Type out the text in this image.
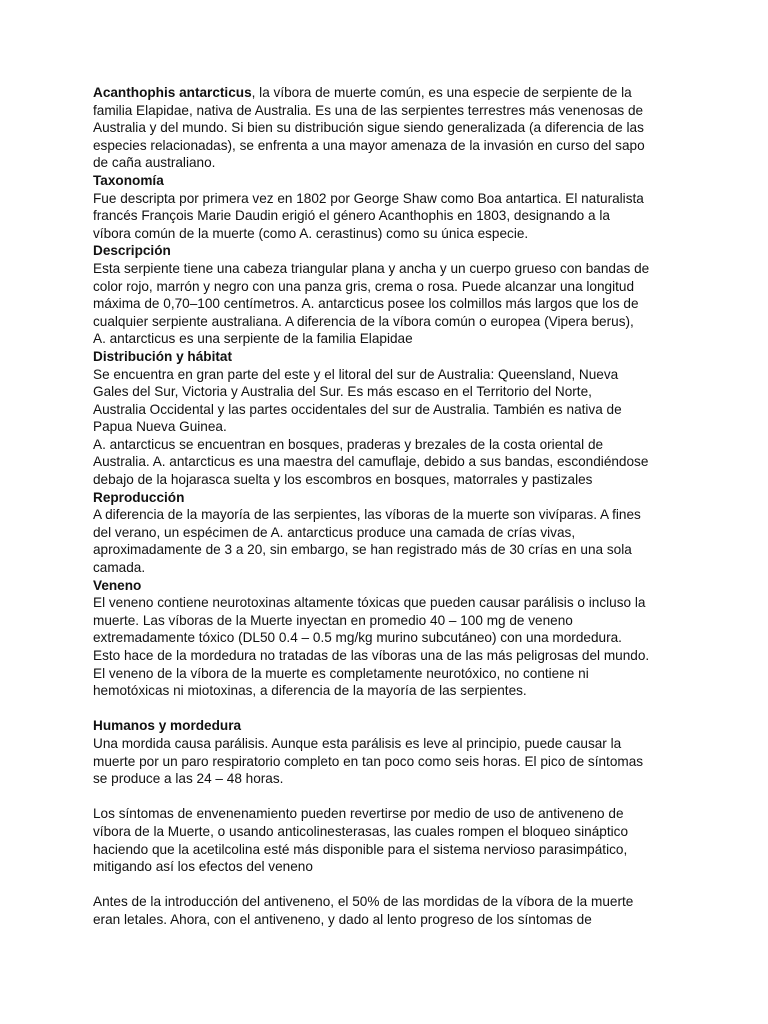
Acanthophis antarcticus, la víbora de muerte común, es una especie de serpiente de la
familia Elapidae, nativa de Australia. Es una de las serpientes terrestres más venenosas de
Australia y del mundo. Si bien su distribución sigue siendo generalizada (a diferencia de las
especies relacionadas), se enfrenta a una mayor amenaza de la invasión en curso del sapo
de caña australiano.
Taxonomía
Fue descripta por primera vez en 1802 por George Shaw como Boa antartica. El naturalista
francés François Marie Daudin erigió el género Acanthophis en 1803, designando a la
víbora común de la muerte (como A. cerastinus) como su única especie.
Descripción
Esta serpiente tiene una cabeza triangular plana y ancha y un cuerpo grueso con bandas de
color rojo, marrón y negro con una panza gris, crema o rosa. Puede alcanzar una longitud
máxima de 0,70–100 centímetros. A. antarcticus posee los colmillos más largos que los de
cualquier serpiente australiana. A diferencia de la víbora común o europea (Vipera berus),
A. antarcticus es una serpiente de la familia Elapidae
Distribución y hábitat
Se encuentra en gran parte del este y el litoral del sur de Australia: Queensland, Nueva
Gales del Sur, Victoria y Australia del Sur. Es más escaso en el Territorio del Norte,
Australia Occidental y las partes occidentales del sur de Australia. También es nativa de
Papua Nueva Guinea.
A. antarcticus se encuentran en bosques, praderas y brezales de la costa oriental de
Australia. A. antarcticus es una maestra del camuflaje, debido a sus bandas, escondiéndose
debajo de la hojarasca suelta y los escombros en bosques, matorrales y pastizales
Reproducción
A diferencia de la mayoría de las serpientes, las víboras de la muerte son vivíparas. A fines
del verano, un espécimen de A. antarcticus produce una camada de crías vivas,
aproximadamente de 3 a 20, sin embargo, se han registrado más de 30 crías en una sola
camada.
Veneno
El veneno contiene neurotoxinas altamente tóxicas que pueden causar parálisis o incluso la
muerte. Las víboras de la Muerte inyectan en promedio 40 – 100 mg de veneno
extremadamente tóxico (DL50 0.4 – 0.5 mg/kg murino subcutáneo) con una mordedura.
Esto hace de la mordedura no tratadas de las víboras una de las más peligrosas del mundo.
El veneno de la víbora de la muerte es completamente neurotóxico, no contiene ni
hemotóxicas ni miotoxinas, a diferencia de la mayoría de las serpientes.
Humanos y mordedura
Una mordida causa parálisis. Aunque esta parálisis es leve al principio, puede causar la
muerte por un paro respiratorio completo en tan poco como seis horas. El pico de síntomas
se produce a las 24 – 48 horas.
Los síntomas de envenenamiento pueden revertirse por medio de uso de antiveneno de
víbora de la Muerte, o usando anticolinesterasas, las cuales rompen el bloqueo sináptico
haciendo que la acetilcolina esté más disponible para el sistema nervioso parasimpático,
mitigando así los efectos del veneno
Antes de la introducción del antiveneno, el 50% de las mordidas de la víbora de la muerte
eran letales. Ahora, con el antiveneno, y dado al lento progreso de los síntomas de
